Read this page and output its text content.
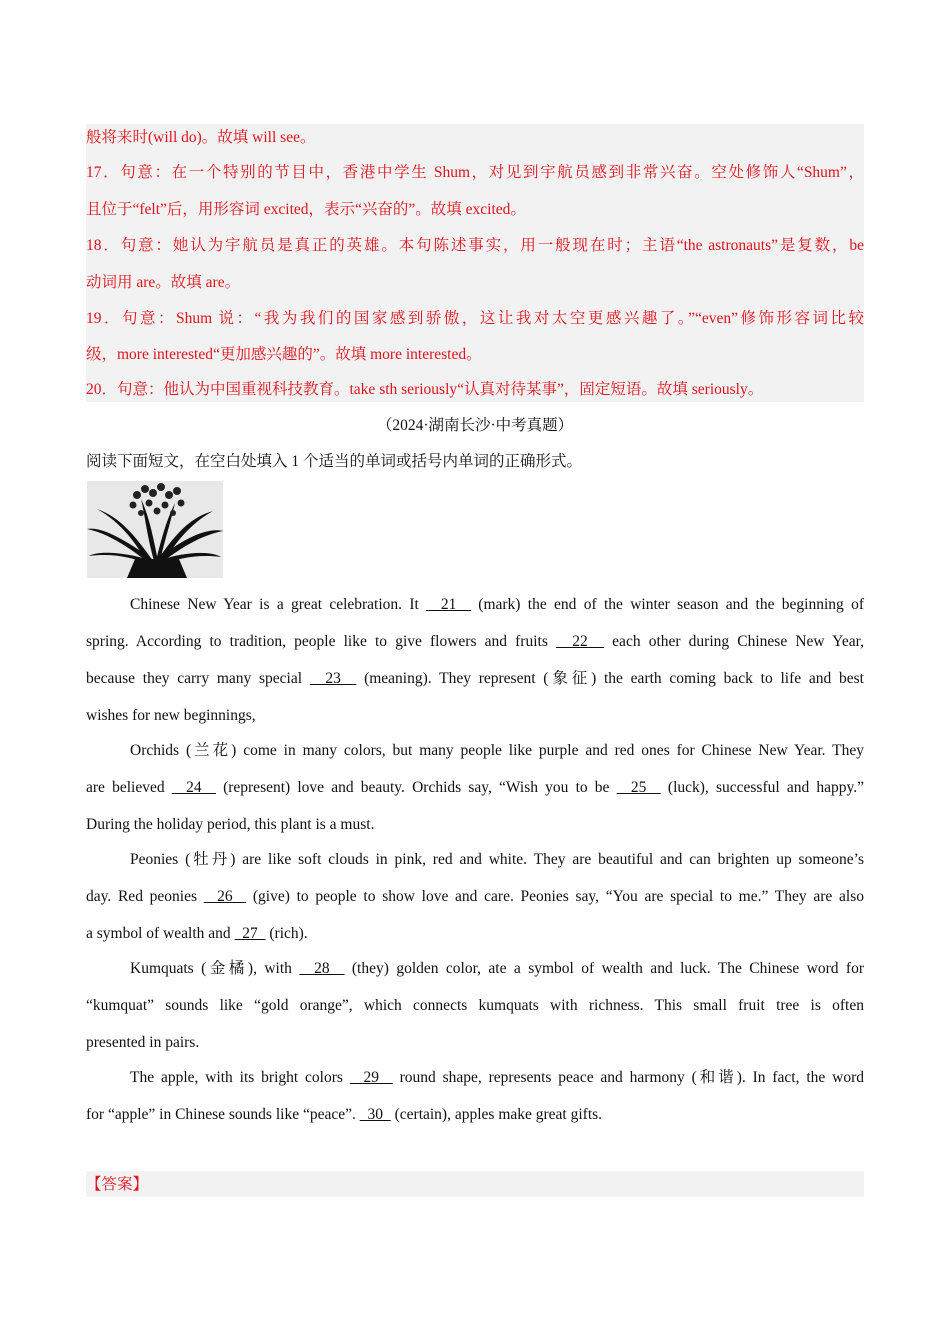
般将来时(will do)。故填 will see。
17．句意：在一个特别的节目中，香港中学生 Shum，对见到宇航员感到非常兴奋。空处修饰人“Shum”，
且位于“felt”后，用形容词 excited，表示“兴奋的”。故填 excited。
18．句意：她认为宇航员是真正的英雄。本句陈述事实，用一般现在时；主语“the astronauts”是复数，be
动词用 are。故填 are。
19．句意：Shum 说：“我为我们的国家感到骄傲，这让我对太空更感兴趣了。”“even”修饰形容词比较
级，more interested“更加感兴趣的”。故填 more interested。
20．句意：他认为中国重视科技教育。take sth seriously“认真对待某事”，固定短语。故填 seriously。
（2024·湖南长沙·中考真题）
阅读下面短文，在空白处填入 1 个适当的单词或括号内单词的正确形式。
Chinese New Year is a great celebration. It   21   (mark) the end of the winter season and the beginning of
spring. According to tradition, people like to give flowers and fruits   22   each other during Chinese New Year,
because they carry many special   23   (meaning). They represent (象征) the earth coming back to life and best
wishes for new beginnings,
Orchids (兰花) come in many colors, but many people like purple and red ones for Chinese New Year. They
are believed   24   (represent) love and beauty. Orchids say, “Wish you to be   25   (luck), successful and happy.”
During the holiday period, this plant is a must.
Peonies (牡丹) are like soft clouds in pink, red and white. They are beautiful and can brighten up someone’s
day. Red peonies   26   (give) to people to show love and care. Peonies say, “You are special to me.” They are also
a symbol of wealth and   27   (rich).
Kumquats (金橘), with   28   (they) golden color, ate a symbol of wealth and luck. The Chinese word for
“kumquat” sounds like “gold orange”, which connects kumquats with richness. This small fruit tree is often
presented in pairs.
The apple, with its bright colors   29   round shape, represents peace and harmony (和谐). In fact, the word
for “apple” in Chinese sounds like “peace”.   30   (certain), apples make great gifts.
【答案】
